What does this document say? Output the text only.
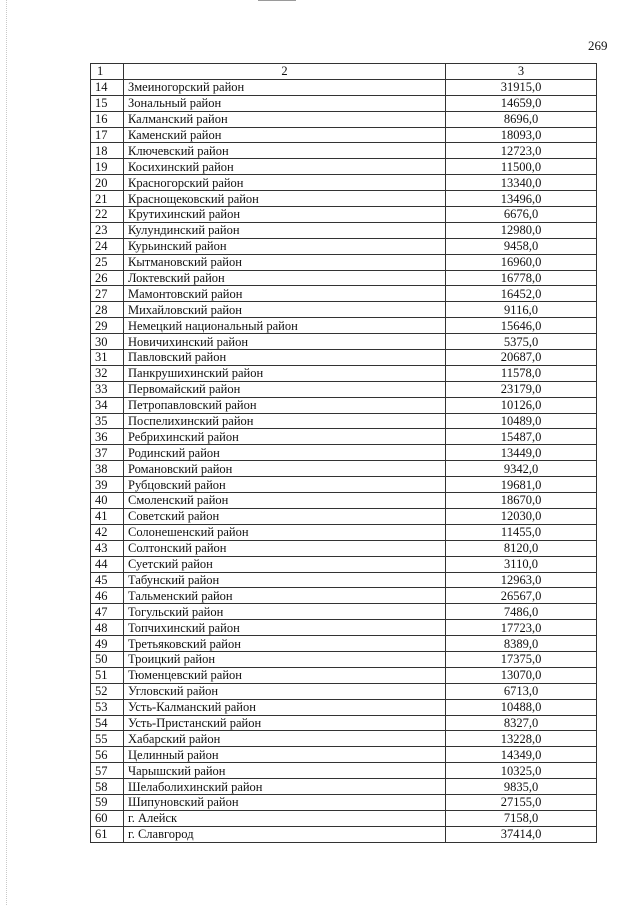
269
1	2	3
14	Змеиногорский район	31915,0
15	Зональный район	14659,0
16	Калманский район	8696,0
17	Каменский район	18093,0
18	Ключевский район	12723,0
19	Косихинский район	11500,0
20	Красногорский район	13340,0
21	Краснощековский район	13496,0
22	Крутихинский район	6676,0
23	Кулундинский район	12980,0
24	Курьинский район	9458,0
25	Кытмановский район	16960,0
26	Локтевский район	16778,0
27	Мамонтовский район	16452,0
28	Михайловский район	9116,0
29	Немецкий национальный район	15646,0
30	Новичихинский район	5375,0
31	Павловский район	20687,0
32	Панкрушихинский район	11578,0
33	Первомайский район	23179,0
34	Петропавловский район	10126,0
35	Поспелихинский район	10489,0
36	Ребрихинский район	15487,0
37	Родинский район	13449,0
38	Романовский район	9342,0
39	Рубцовский район	19681,0
40	Смоленский район	18670,0
41	Советский район	12030,0
42	Солонешенский район	11455,0
43	Солтонский район	8120,0
44	Суетский район	3110,0
45	Табунский район	12963,0
46	Тальменский район	26567,0
47	Тогульский район	7486,0
48	Топчихинский район	17723,0
49	Третьяковский район	8389,0
50	Троицкий район	17375,0
51	Тюменцевский район	13070,0
52	Угловский район	6713,0
53	Усть-Калманский район	10488,0
54	Усть-Пристанский район	8327,0
55	Хабарский район	13228,0
56	Целинный район	14349,0
57	Чарышский район	10325,0
58	Шелаболихинский район	9835,0
59	Шипуновский район	27155,0
60	г. Алейск	7158,0
61	г. Славгород	37414,0
